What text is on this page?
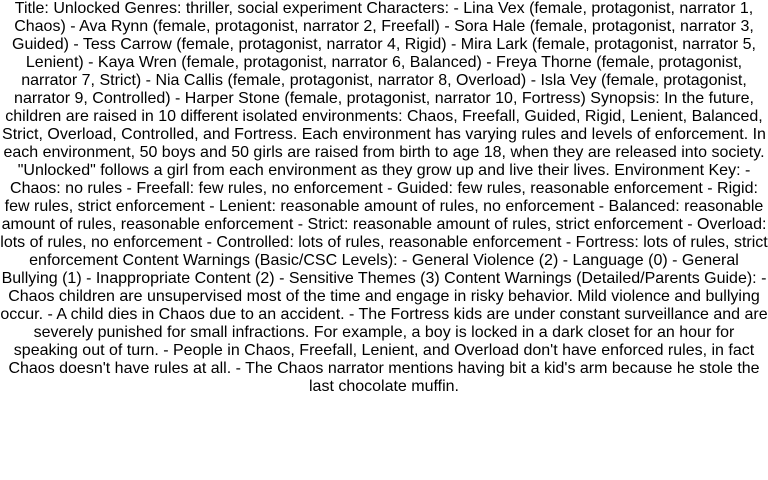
Title: Unlocked Genres: thriller, social experiment Characters: - Lina Vex (female, protagonist, narrator 1, Chaos) - Ava Rynn (female, protagonist, narrator 2, Freefall) - Sora Hale (female, protagonist, narrator 3, Guided) - Tess Carrow (female, protagonist, narrator 4, Rigid) - Mira Lark (female, protagonist, narrator 5, Lenient) - Kaya Wren (female, protagonist, narrator 6, Balanced) - Freya Thorne (female, protagonist, narrator 7, Strict) - Nia Callis (female, protagonist, narrator 8, Overload) - Isla Vey (female, protagonist, narrator 9, Controlled) - Harper Stone (female, protagonist, narrator 10, Fortress) Synopsis: In the future, children are raised in 10 different isolated environments: Chaos, Freefall, Guided, Rigid, Lenient, Balanced, Strict, Overload, Controlled, and Fortress. Each environment has varying rules and levels of enforcement. In each environment, 50 boys and 50 girls are raised from birth to age 18, when they are released into society. "Unlocked" follows a girl from each environment as they grow up and live their lives. Environment Key: - Chaos: no rules - Freefall: few rules, no enforcement - Guided: few rules, reasonable enforcement - Rigid: few rules, strict enforcement - Lenient: reasonable amount of rules, no enforcement - Balanced: reasonable amount of rules, reasonable enforcement - Strict: reasonable amount of rules, strict enforcement - Overload: lots of rules, no enforcement - Controlled: lots of rules, reasonable enforcement - Fortress: lots of rules, strict enforcement Content Warnings (Basic/CSC Levels): - General Violence (2) - Language (0) - General Bullying (1) - Inappropriate Content (2) - Sensitive Themes (3) Content Warnings (Detailed/Parents Guide): - Chaos children are unsupervised most of the time and engage in risky behavior. Mild violence and bullying occur. - A child dies in Chaos due to an accident. - The Fortress kids are under constant surveillance and are severely punished for small infractions. For example, a boy is locked in a dark closet for an hour for speaking out of turn. - People in Chaos, Freefall, Lenient, and Overload don't have enforced rules, in fact Chaos doesn't have rules at all. - The Chaos narrator mentions having bit a kid's arm because he stole the last chocolate muffin.
